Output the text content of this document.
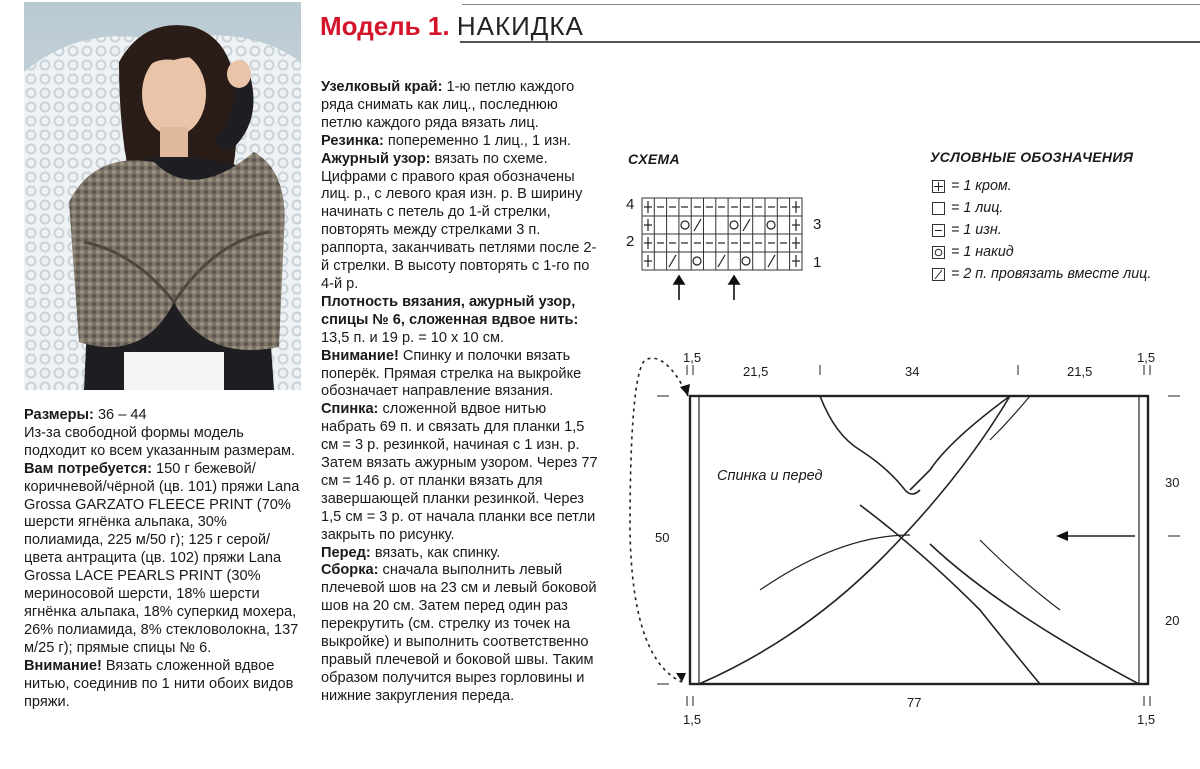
Модель 1. НАКИДКА

Размеры: 36 – 44

Из-за свободной формы модель подходит ко всем указанным размерам.

Вам потребуется: 150 г бежевой/коричневой/чёрной (цв. 101) пряжи Lana Grossa GARZATO FLEECE PRINT (70% шерсти ягнёнка альпака, 30% полиамида, 225 м/50 г); 125 г серой/цвета антрацита (цв. 102) пряжи Lana Grossa LACE PEARLS PRINT (30% мериносовой шерсти, 18% шерсти ягнёнка альпака, 18% суперкид мохера, 26% полиамида, 8% стекловолокна, 137 м/25 г); прямые спицы № 6.

Внимание! Вязать сложенной вдвое нитью, соединив по 1 нити обоих видов пряжи.

Узелковый край: 1-ю петлю каждого ряда снимать как лиц., последнюю петлю каждого ряда вязать лиц.

Резинка: попеременно 1 лиц., 1 изн.

Ажурный узор: вязать по схеме. Цифрами с правого края обозначены лиц. р., с левого края изн. р. В ширину начинать с петель до 1-й стрелки, повторять между стрелками 3 п. раппорта, заканчивать петлями после 2-й стрелки. В высоту повторять с 1-го по 4-й р.

Плотность вязания, ажурный узор, спицы № 6, сложенная вдвое нить: 13,5 п. и 19 р. = 10 х 10 см.

Внимание! Спинку и полочки вязать поперёк. Прямая стрелка на выкройке обозначает направление вязания.

Спинка: сложенной вдвое нитью набрать 69 п. и связать для планки 1,5 см = 3 р. резинкой, начиная с 1 изн. р. Затем вязать ажурным узором. Через 77 см = 146 р. от планки вязать для завершающей планки резинкой. Через 1,5 см = 3 р. от начала планки все петли закрыть по рисунку.

Перед: вязать, как спинку.

Сборка: сначала выполнить левый плечевой шов на 23 см и левый боковой шов на 20 см. Затем перед один раз перекрутить (см. стрелку из точек на выкройке) и выполнить соответственно правый плечевой и боковой швы. Таким образом получится вырез горловины и нижние закругления переда.

СХЕМА
4
2
3
1
УСЛОВНЫЕ ОБОЗНАЧЕНИЯ
= 1 кром.
= 1 лиц.
= 1 изн.
= 1 накид
= 2 п. провязать вместе лиц.
1,5
21,5	34	21,5
1,5
1,5
77
1,5
50
30
20
Спинка и перед
